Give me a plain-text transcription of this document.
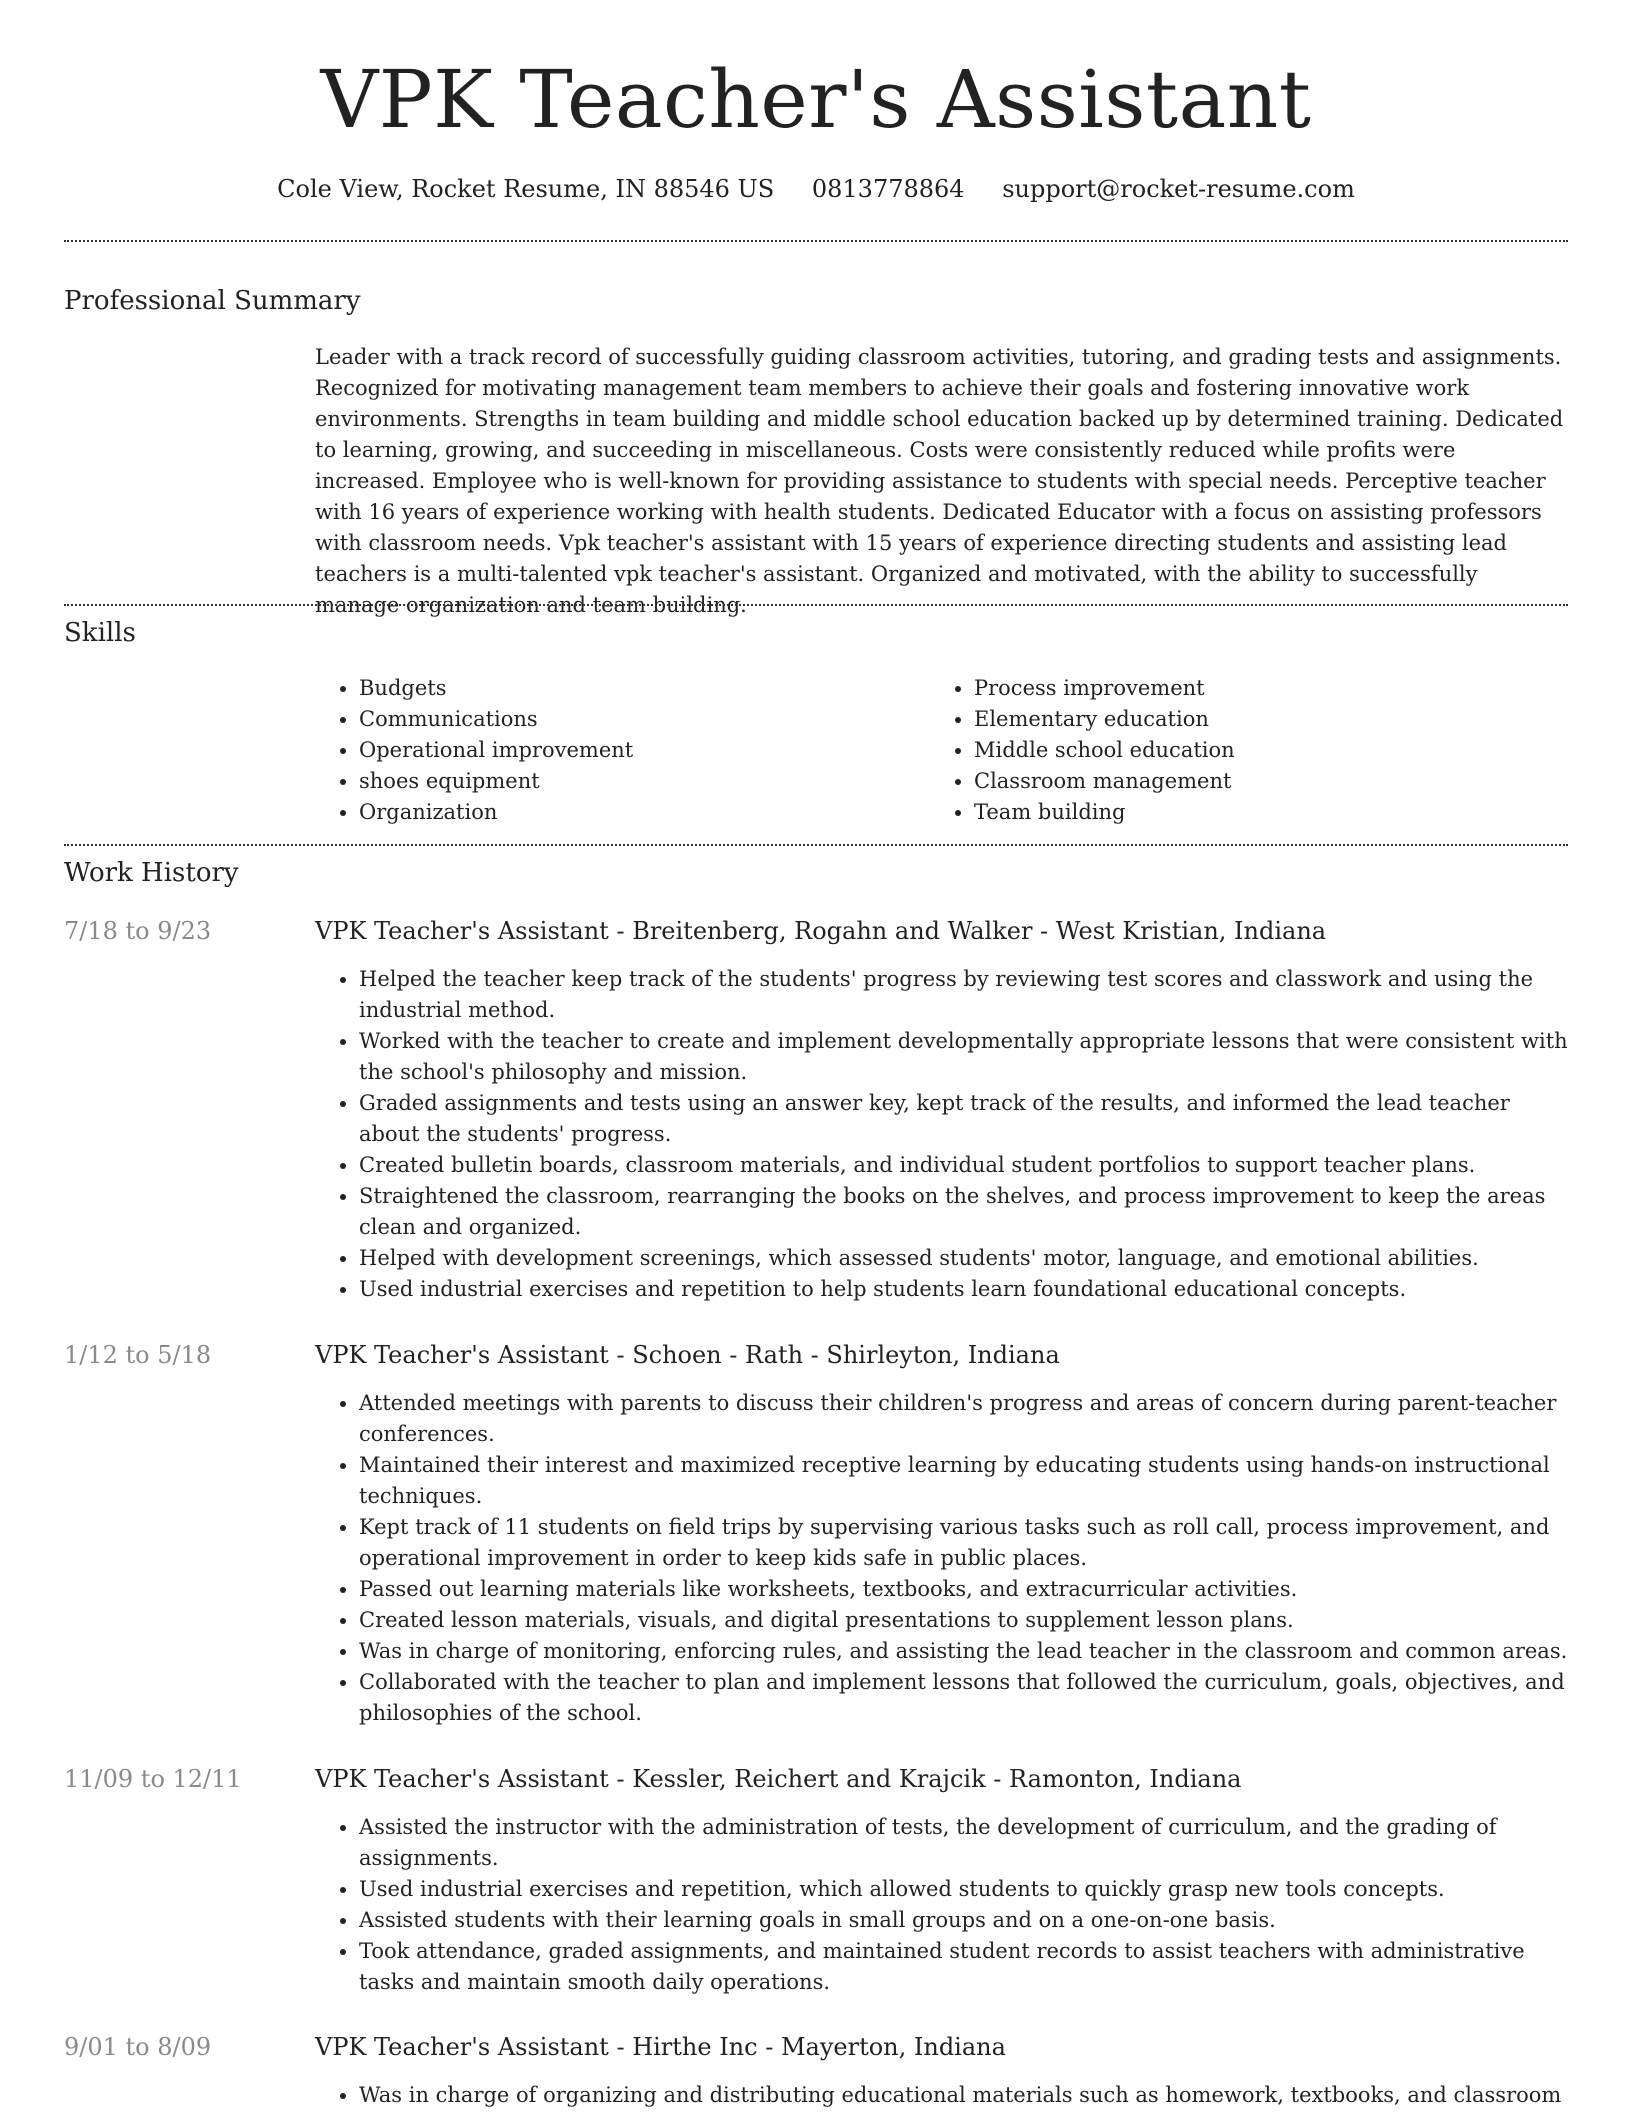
VPK Teacher's Assistant
Cole View, Rocket Resume, IN 88546 US 0813778864 support@rocket-resume.com
Professional Summary

Leader with a track record of successfully guiding classroom activities, tutoring, and grading tests and assignments. Recognized for motivating management team members to achieve their goals and fostering innovative work environments. Strengths in team building and middle school education backed up by determined training. Dedicated to learning, growing, and succeeding in miscellaneous. Costs were consistently reduced while profits were increased. Employee who is well-known for providing assistance to students with special needs. Perceptive teacher with 16 years of experience working with health students. Dedicated Educator with a focus on assisting professors with classroom needs. Vpk teacher's assistant with 15 years of experience directing students and assisting lead teachers is a multi-talented vpk teacher's assistant. Organized and motivated, with the ability to successfully manage organization and team building.

Skills
• Budgets
• Communications
• Operational improvement
• shoes equipment
• Organization
• Process improvement
• Elementary education
• Middle school education
• Classroom management
• Team building
Work History
7/18 to 9/23	VPK Teacher's Assistant - Breitenberg, Rogahn and Walker - West Kristian, Indiana
• Helped the teacher keep track of the students' progress by reviewing test scores and classwork and using the industrial method.
• Worked with the teacher to create and implement developmentally appropriate lessons that were consistent with the school's philosophy and mission.
• Graded assignments and tests using an answer key, kept track of the results, and informed the lead teacher about the students' progress.
• Created bulletin boards, classroom materials, and individual student portfolios to support teacher plans.
• Straightened the classroom, rearranging the books on the shelves, and process improvement to keep the areas clean and organized.
• Helped with development screenings, which assessed students' motor, language, and emotional abilities.
• Used industrial exercises and repetition to help students learn foundational educational concepts.
1/12 to 5/18	VPK Teacher's Assistant - Schoen - Rath - Shirleyton, Indiana
• Attended meetings with parents to discuss their children's progress and areas of concern during parent-teacher conferences.
• Maintained their interest and maximized receptive learning by educating students using hands-on instructional techniques.
• Kept track of 11 students on field trips by supervising various tasks such as roll call, process improvement, and operational improvement in order to keep kids safe in public places.
• Passed out learning materials like worksheets, textbooks, and extracurricular activities.
• Created lesson materials, visuals, and digital presentations to supplement lesson plans.
• Was in charge of monitoring, enforcing rules, and assisting the lead teacher in the classroom and common areas.
• Collaborated with the teacher to plan and implement lessons that followed the curriculum, goals, objectives, and philosophies of the school.
11/09 to 12/11	VPK Teacher's Assistant - Kessler, Reichert and Krajcik - Ramonton, Indiana
• Assisted the instructor with the administration of tests, the development of curriculum, and the grading of assignments.
• Used industrial exercises and repetition, which allowed students to quickly grasp new tools concepts.
• Assisted students with their learning goals in small groups and on a one-on-one basis.
• Took attendance, graded assignments, and maintained student records to assist teachers with administrative tasks and maintain smooth daily operations.
9/01 to 8/09	VPK Teacher's Assistant - Hirthe Inc - Mayerton, Indiana
• Was in charge of organizing and distributing educational materials such as homework, textbooks, and classroom
